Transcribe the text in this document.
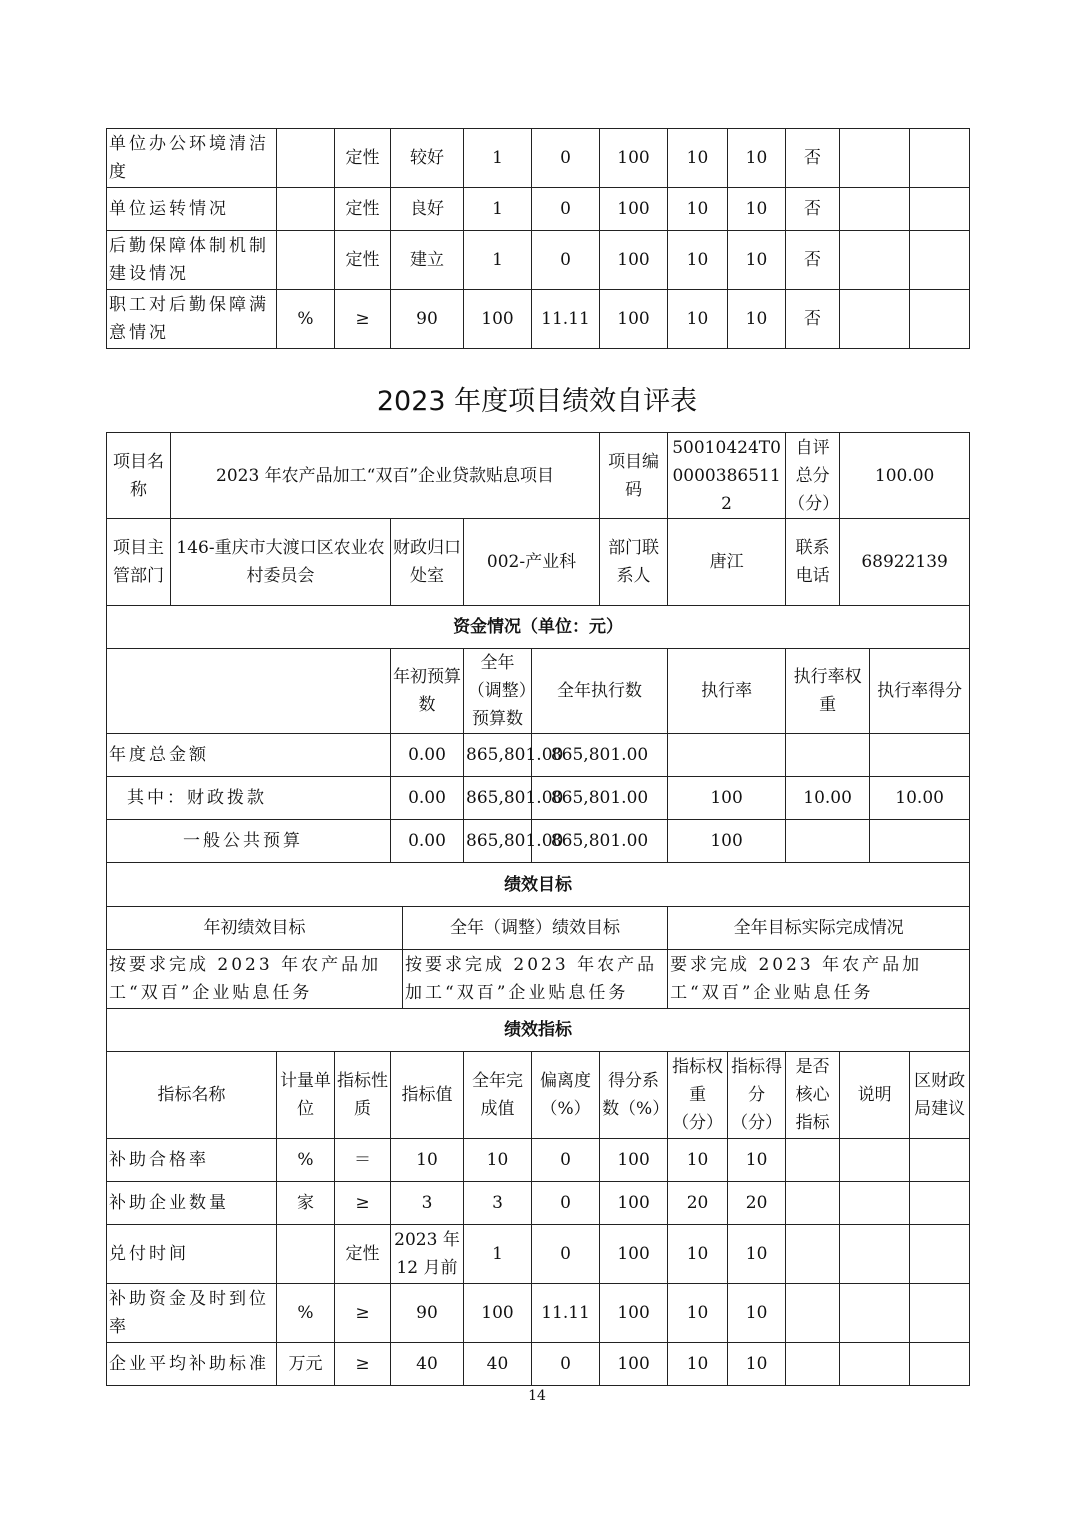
单位办公环境清洁度		定性	较好	1	0	100	10	10	否		
单位运转情况		定性	良好	1	0	100	10	10	否		
后勤保障体制机制建设情况		定性	建立	1	0	100	10	10	否		
职工对后勤保障满意情况	%	≥	90	100	11.11	100	10	10	否		
2023 年度项目绩效自评表
项目名称	2023 年农产品加工“双百”企业贷款贴息项目							项目编码	50010424T000003865112		自评总分（分）	100.00		
项目主管部门	146-重庆市大渡口区农业农村委员会			财政归口处室		002-产业科		部门联系人	唐江		联系电话	68922139		
资金情况（单位：元）														
				年初预算数		全年（调整）预算数	全年执行数		执行率		执行率权重		执行率得分	
年度总金额				0.00		865,801.00	865,801.00							
其中：财政拨款				0.00		865,801.00	865,801.00		100		10.00		10.00	
一般公共预算				0.00		865,801.00	865,801.00		100					
绩效目标														
年初绩效目标					全年（调整）绩效目标				全年目标实际完成情况					
按要求完成 2023 年农产品加工“双百”企业贴息任务					按要求完成 2023 年农产品加工“双百”企业贴息任务				要求完成 2023 年农产品加工“双百”企业贴息任务					
绩效指标														
指标名称		计量单位	指标性质	指标值		全年完成值	偏离度（%）	得分系数（%）	指标权重（分）	指标得分（分）	是否核心指标	说明		区财政局建议
补助合格率		%	＝	10		10	0	100	10	10				
补助企业数量		家	≥	3		3	0	100	20	20				
兑付时间			定性	2023 年 12 月前		1	0	100	10	10				
补助资金及时到位率		%	≥	90		100	11.11	100	10	10				
企业平均补助标准		万元	≥	40		40	0	100	10	10				
14
